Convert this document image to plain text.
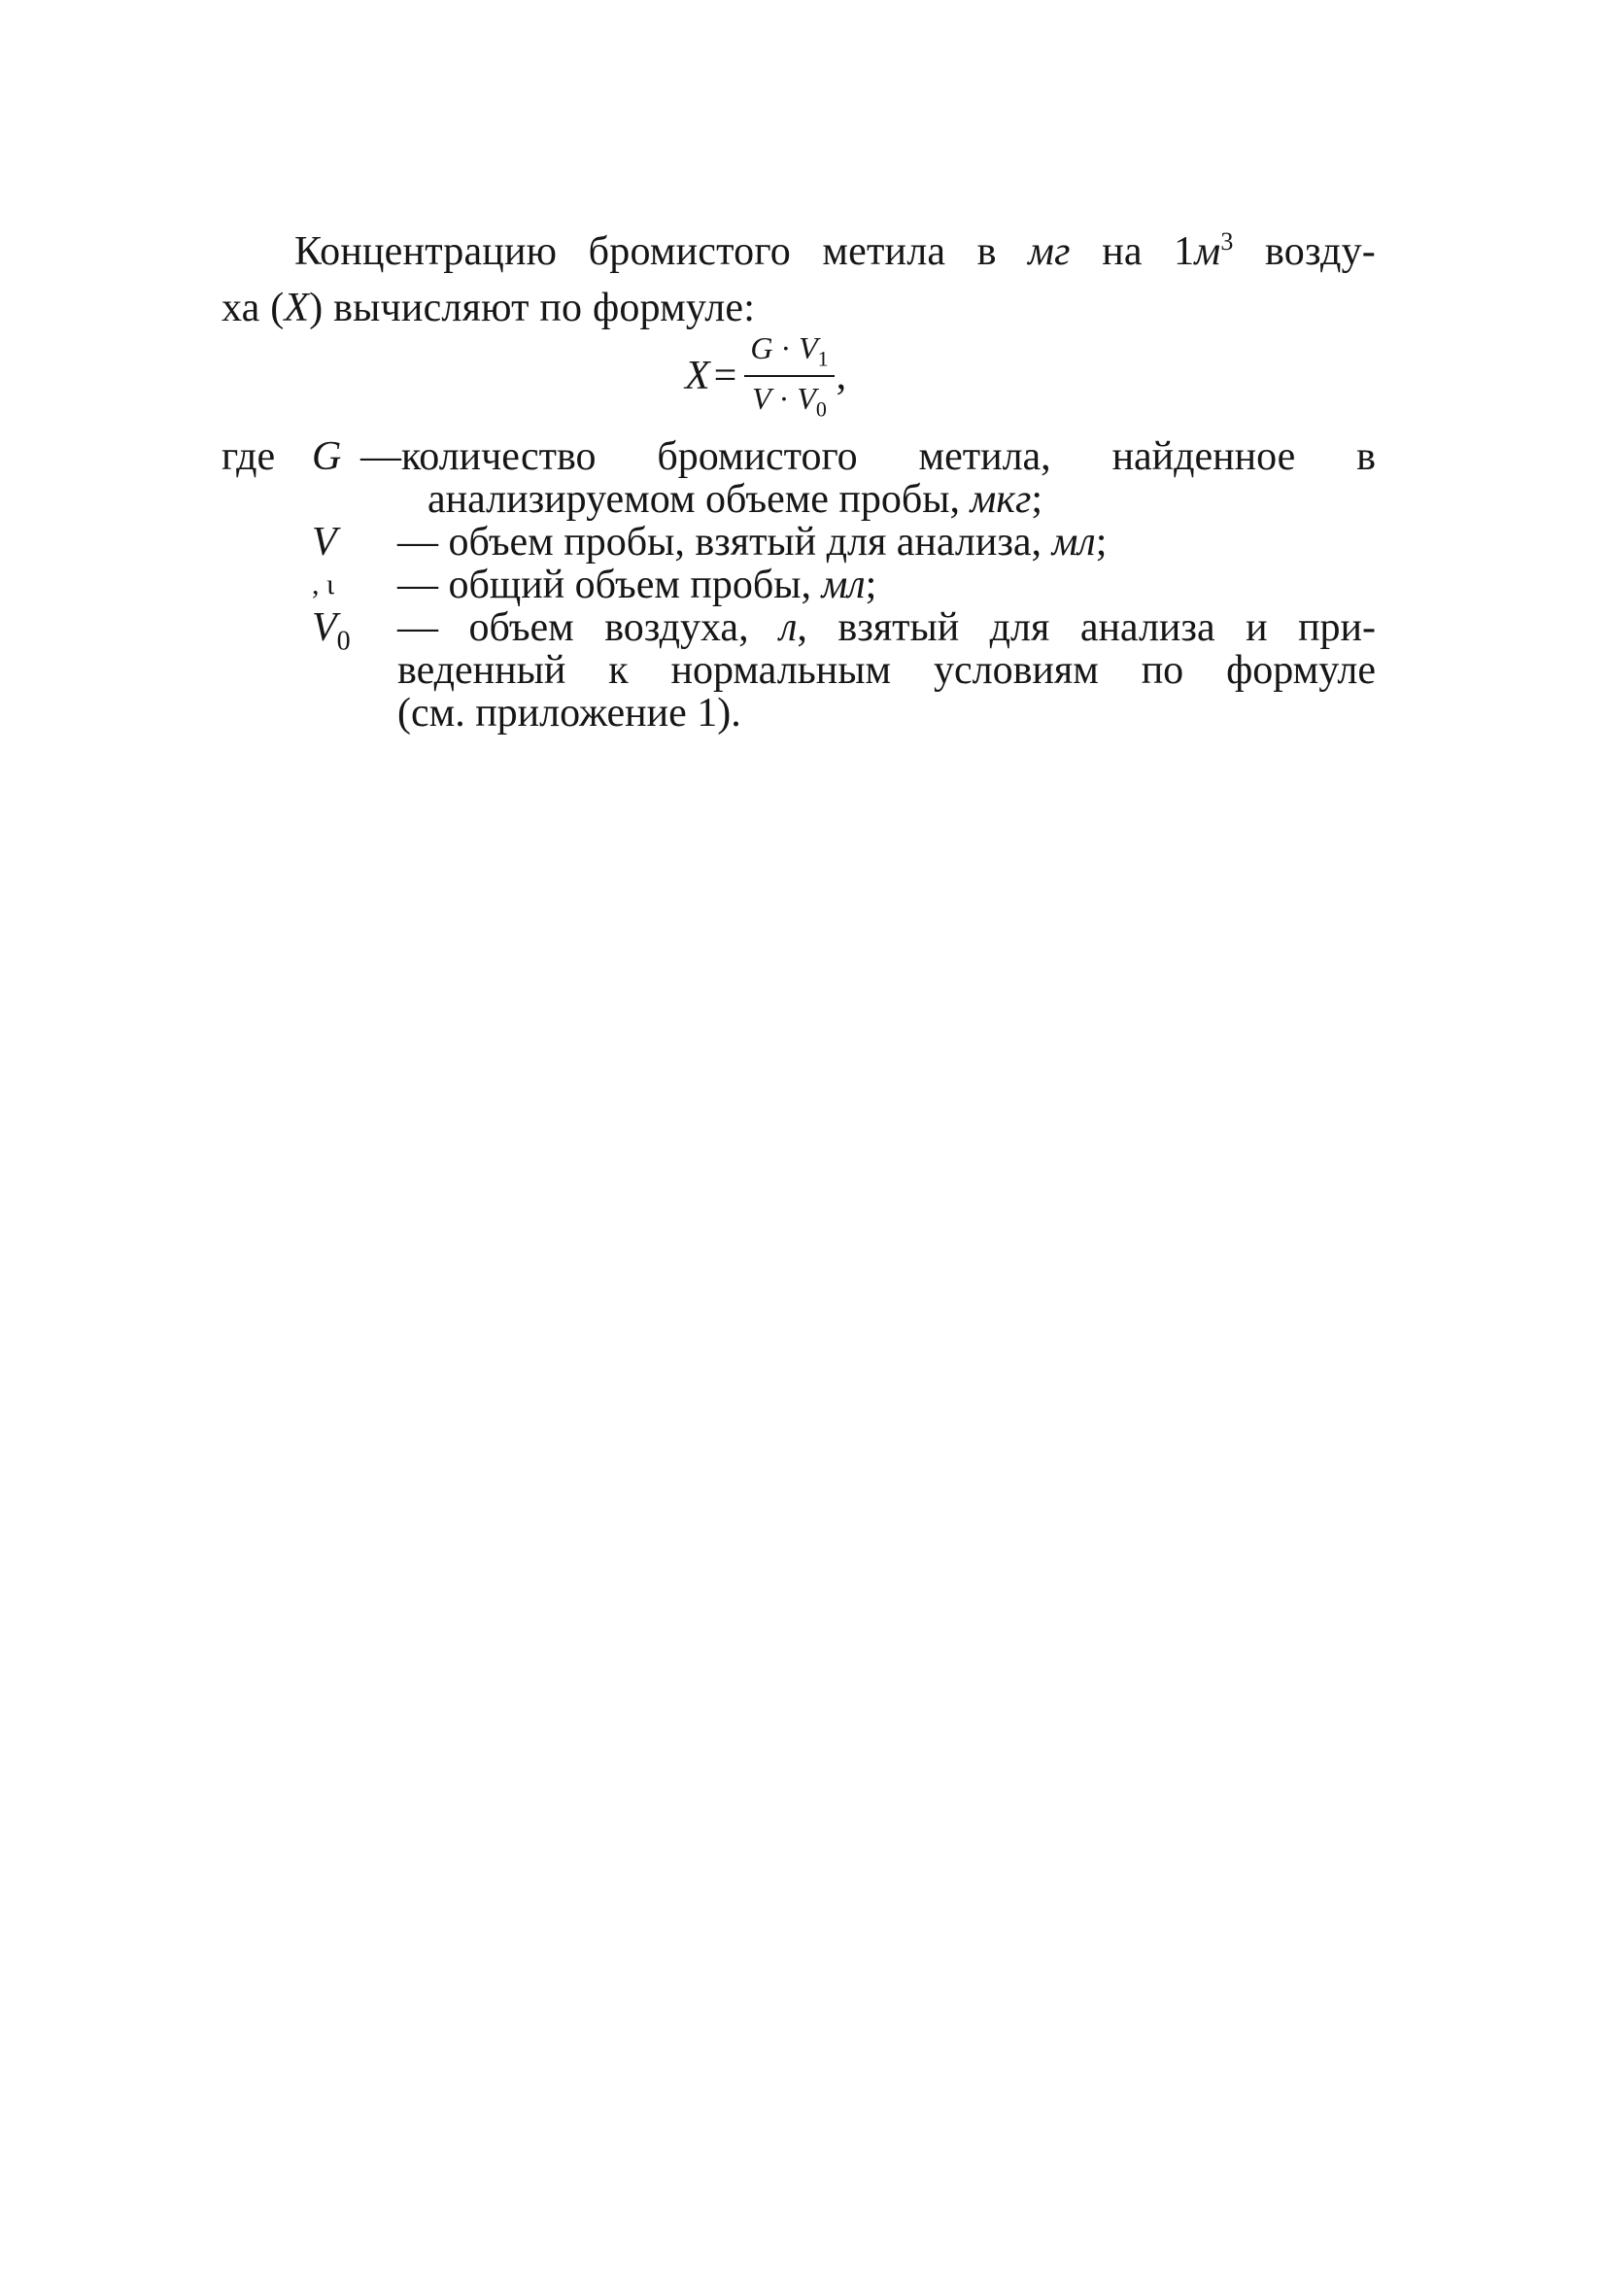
Концентрацию бромистого метила в мг на $1м^3$ возду-
ха (X) вычисляют по формуле:

$X = \frac{G \cdot V_1}{V \cdot V_0}$ ,
где G —количество бромистого метила, найденное в
анализируемом объеме пробы, мкг;
V	— объем пробы, взятый для анализа, мл;
, ι	— общий объем пробы, мл;
$V_0$	— объем воздуха, л, взятый для анализа и при-
веденный к нормальным условиям по формуле
(см. приложение 1).
